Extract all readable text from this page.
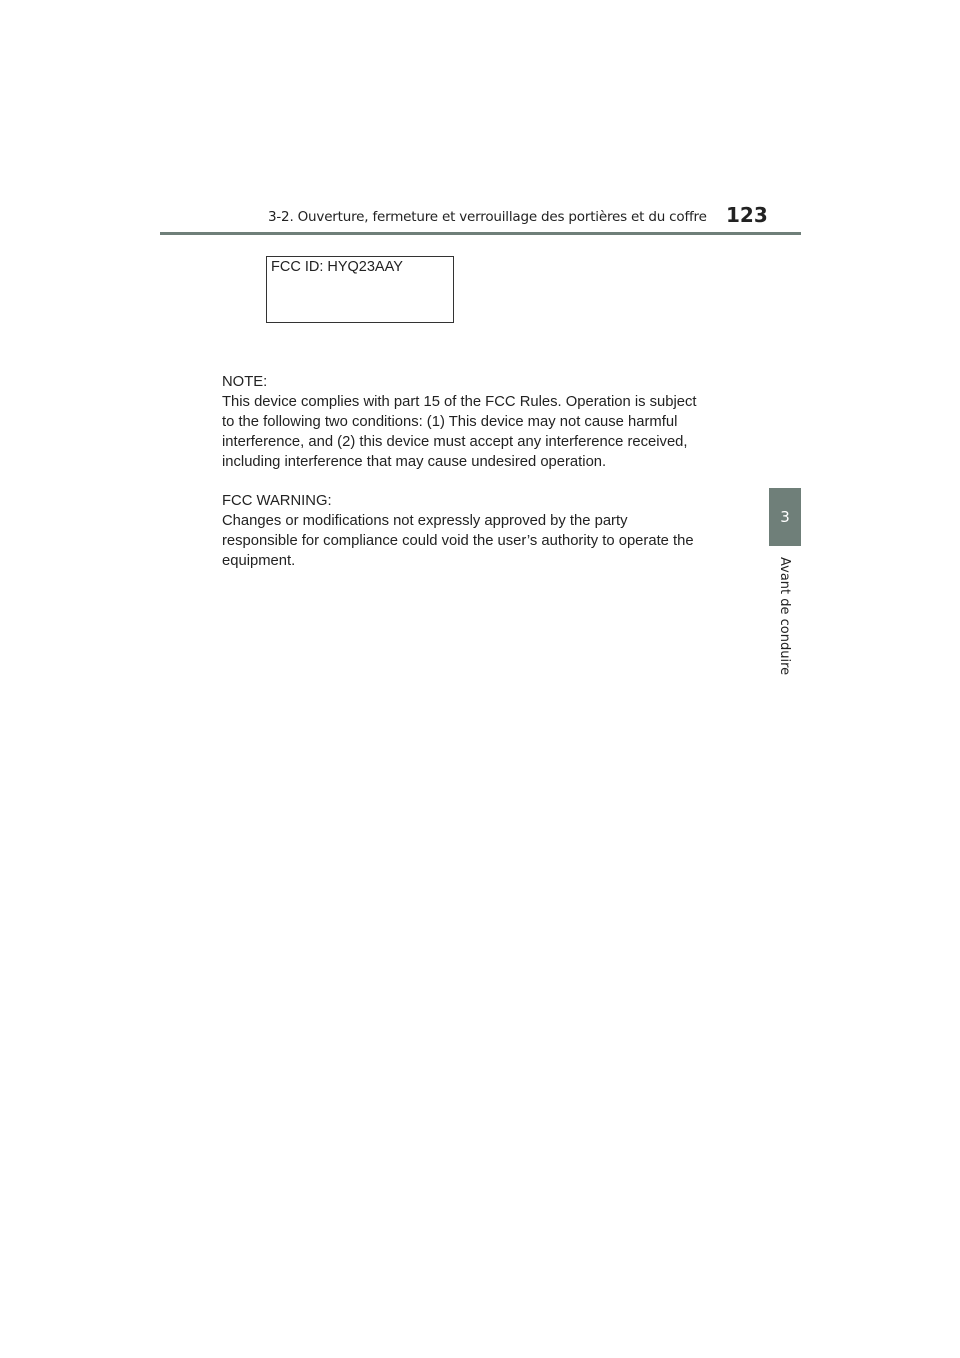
3-2. Ouverture, fermeture et verrouillage des portières et du coffre 123
3
Avant de conduire
FCC ID: HYQ23AAY

NOTE:

This device complies with part 15 of the FCC Rules. Operation is subject

to the following two conditions: (1) This device may not cause harmful

interference, and (2) this device must accept any interference received,

including interference that may cause undesired operation.

FCC WARNING:

Changes or modifications not expressly approved by the party

responsible for compliance could void the user’s authority to operate the

equipment.
